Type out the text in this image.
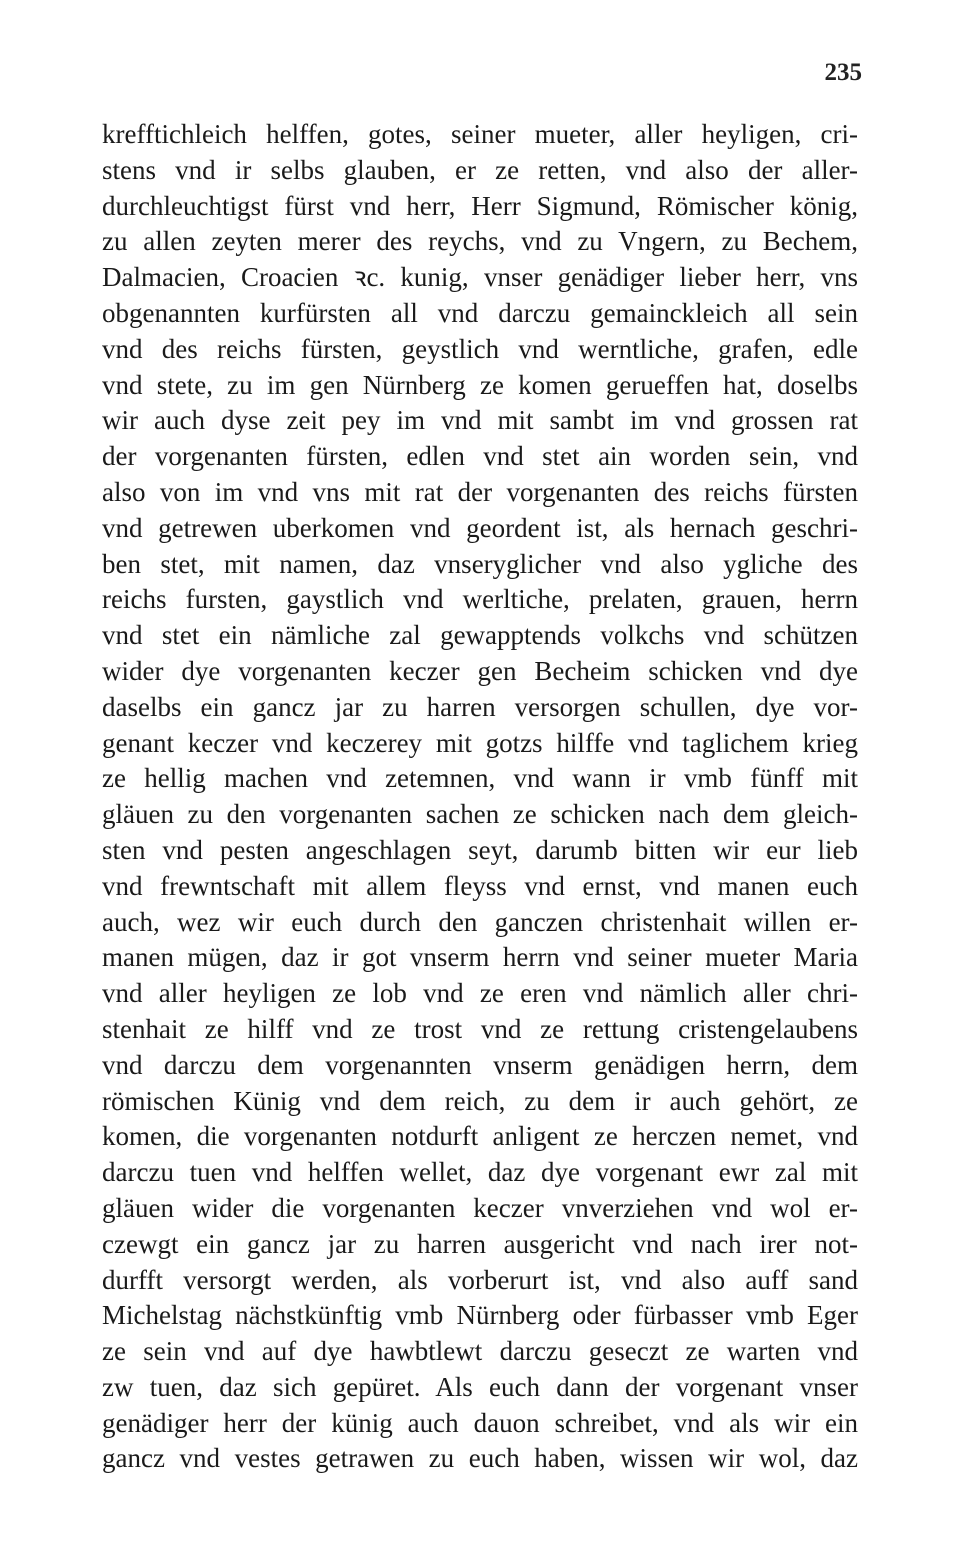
235
krefftichleich helffen, gotes, seiner mueter, aller heyligen, cri-
stens vnd ir selbs glauben, er ze retten, vnd also der aller-
durchleuchtigst fürst vnd herr, Herr Sigmund, Römischer könig,
zu allen zeyten merer des reychs, vnd zu Vngern, zu Bechem,
Dalmacien, Croacien ꝛc. kunig, vnser genädiger lieber herr, vns
obgenannten kurfürsten all vnd darczu gemainckleich all sein
vnd des reichs fürsten, geystlich vnd werntliche, grafen, edle
vnd stete, zu im gen Nürnberg ze komen gerueffen hat, doselbs
wir auch dyse zeit pey im vnd mit sambt im vnd grossen rat
der vorgenanten fürsten, edlen vnd stet ain worden sein, vnd
also von im vnd vns mit rat der vorgenanten des reichs fürsten
vnd getrewen uberkomen vnd geordent ist, als hernach geschri-
ben stet, mit namen, daz vnseryglicher vnd also ygliche des
reichs fursten, gaystlich vnd werltiche, prelaten, grauen, herrn
vnd stet ein nämliche zal gewapptends volkchs vnd schützen
wider dye vorgenanten keczer gen Becheim schicken vnd dye
daselbs ein gancz jar zu harren versorgen schullen, dye vor-
genant keczer vnd keczerey mit gotzs hilffe vnd taglichem krieg
ze hellig machen vnd zetemnen, vnd wann ir vmb fünff mit
gläuen zu den vorgenanten sachen ze schicken nach dem gleich-
sten vnd pesten angeschlagen seyt, darumb bitten wir eur lieb
vnd frewntschaft mit allem fleyss vnd ernst, vnd manen euch
auch, wez wir euch durch den ganczen christenhait willen er-
manen mügen, daz ir got vnserm herrn vnd seiner mueter Maria
vnd aller heyligen ze lob vnd ze eren vnd nämlich aller chri-
stenhait ze hilff vnd ze trost vnd ze rettung cristengelaubens
vnd darczu dem vorgenannten vnserm genädigen herrn, dem
römischen Künig vnd dem reich, zu dem ir auch gehört, ze
komen, die vorgenanten notdurft anligent ze herczen nemet, vnd
darczu tuen vnd helffen wellet, daz dye vorgenant ewr zal mit
gläuen wider die vorgenanten keczer vnverziehen vnd wol er-
czewgt ein gancz jar zu harren ausgericht vnd nach irer not-
durfft versorgt werden, als vorberurt ist, vnd also auff sand
Michelstag nächstkünftig vmb Nürnberg oder fürbasser vmb Eger
ze sein vnd auf dye hawbtlewt darczu geseczt ze warten vnd
zw tuen, daz sich gepüret. Als euch dann der vorgenant vnser
genädiger herr der künig auch dauon schreibet, vnd als wir ein
gancz vnd vestes getrawen zu euch haben, wissen wir wol, daz
